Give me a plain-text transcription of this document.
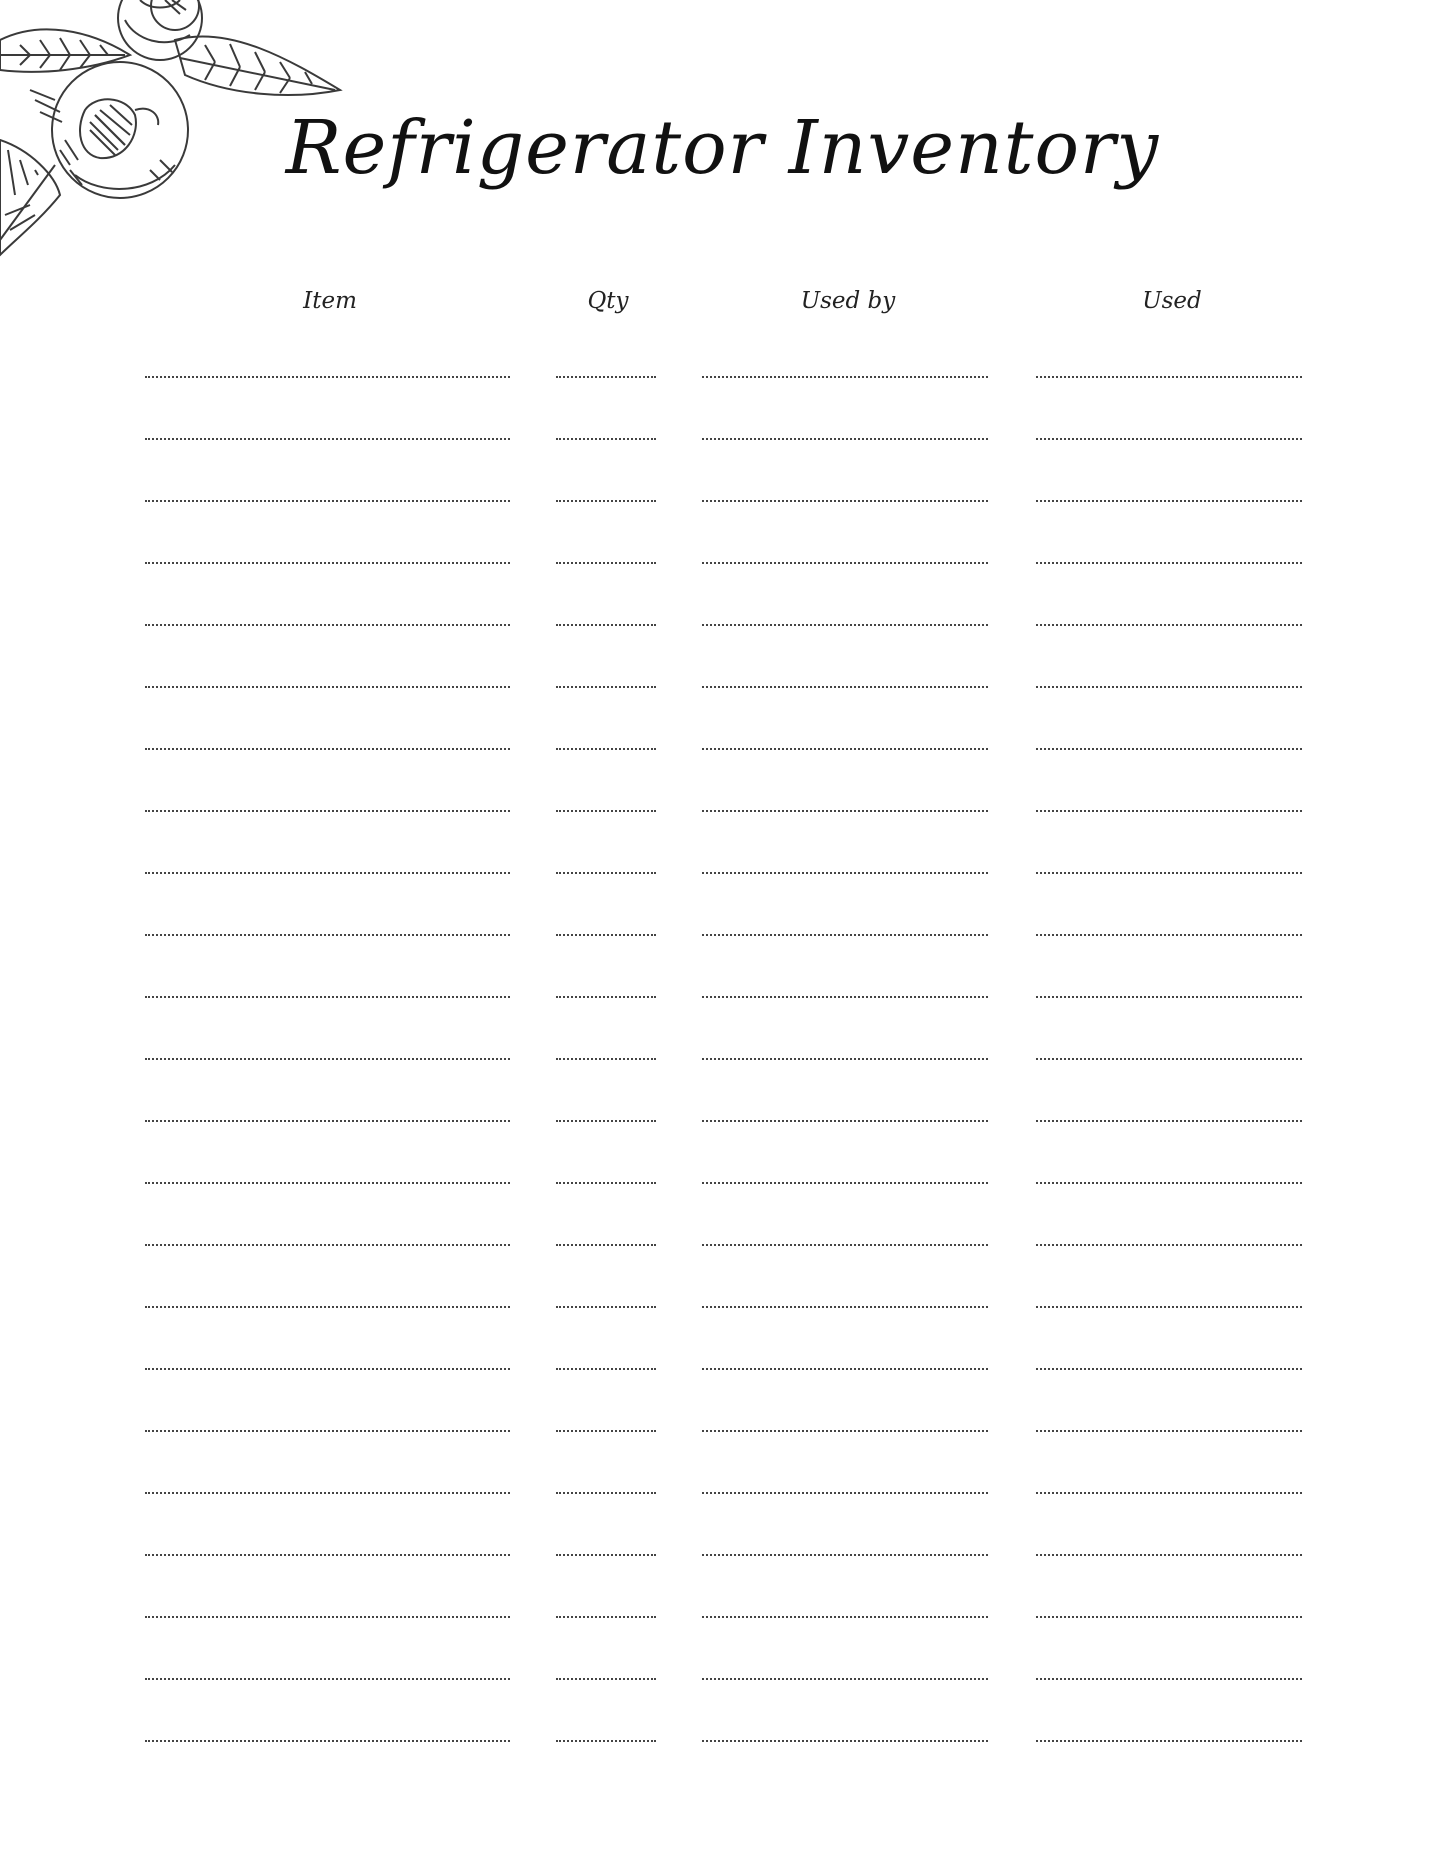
Refrigerator Inventory
Item	Qty	Used by	Used
